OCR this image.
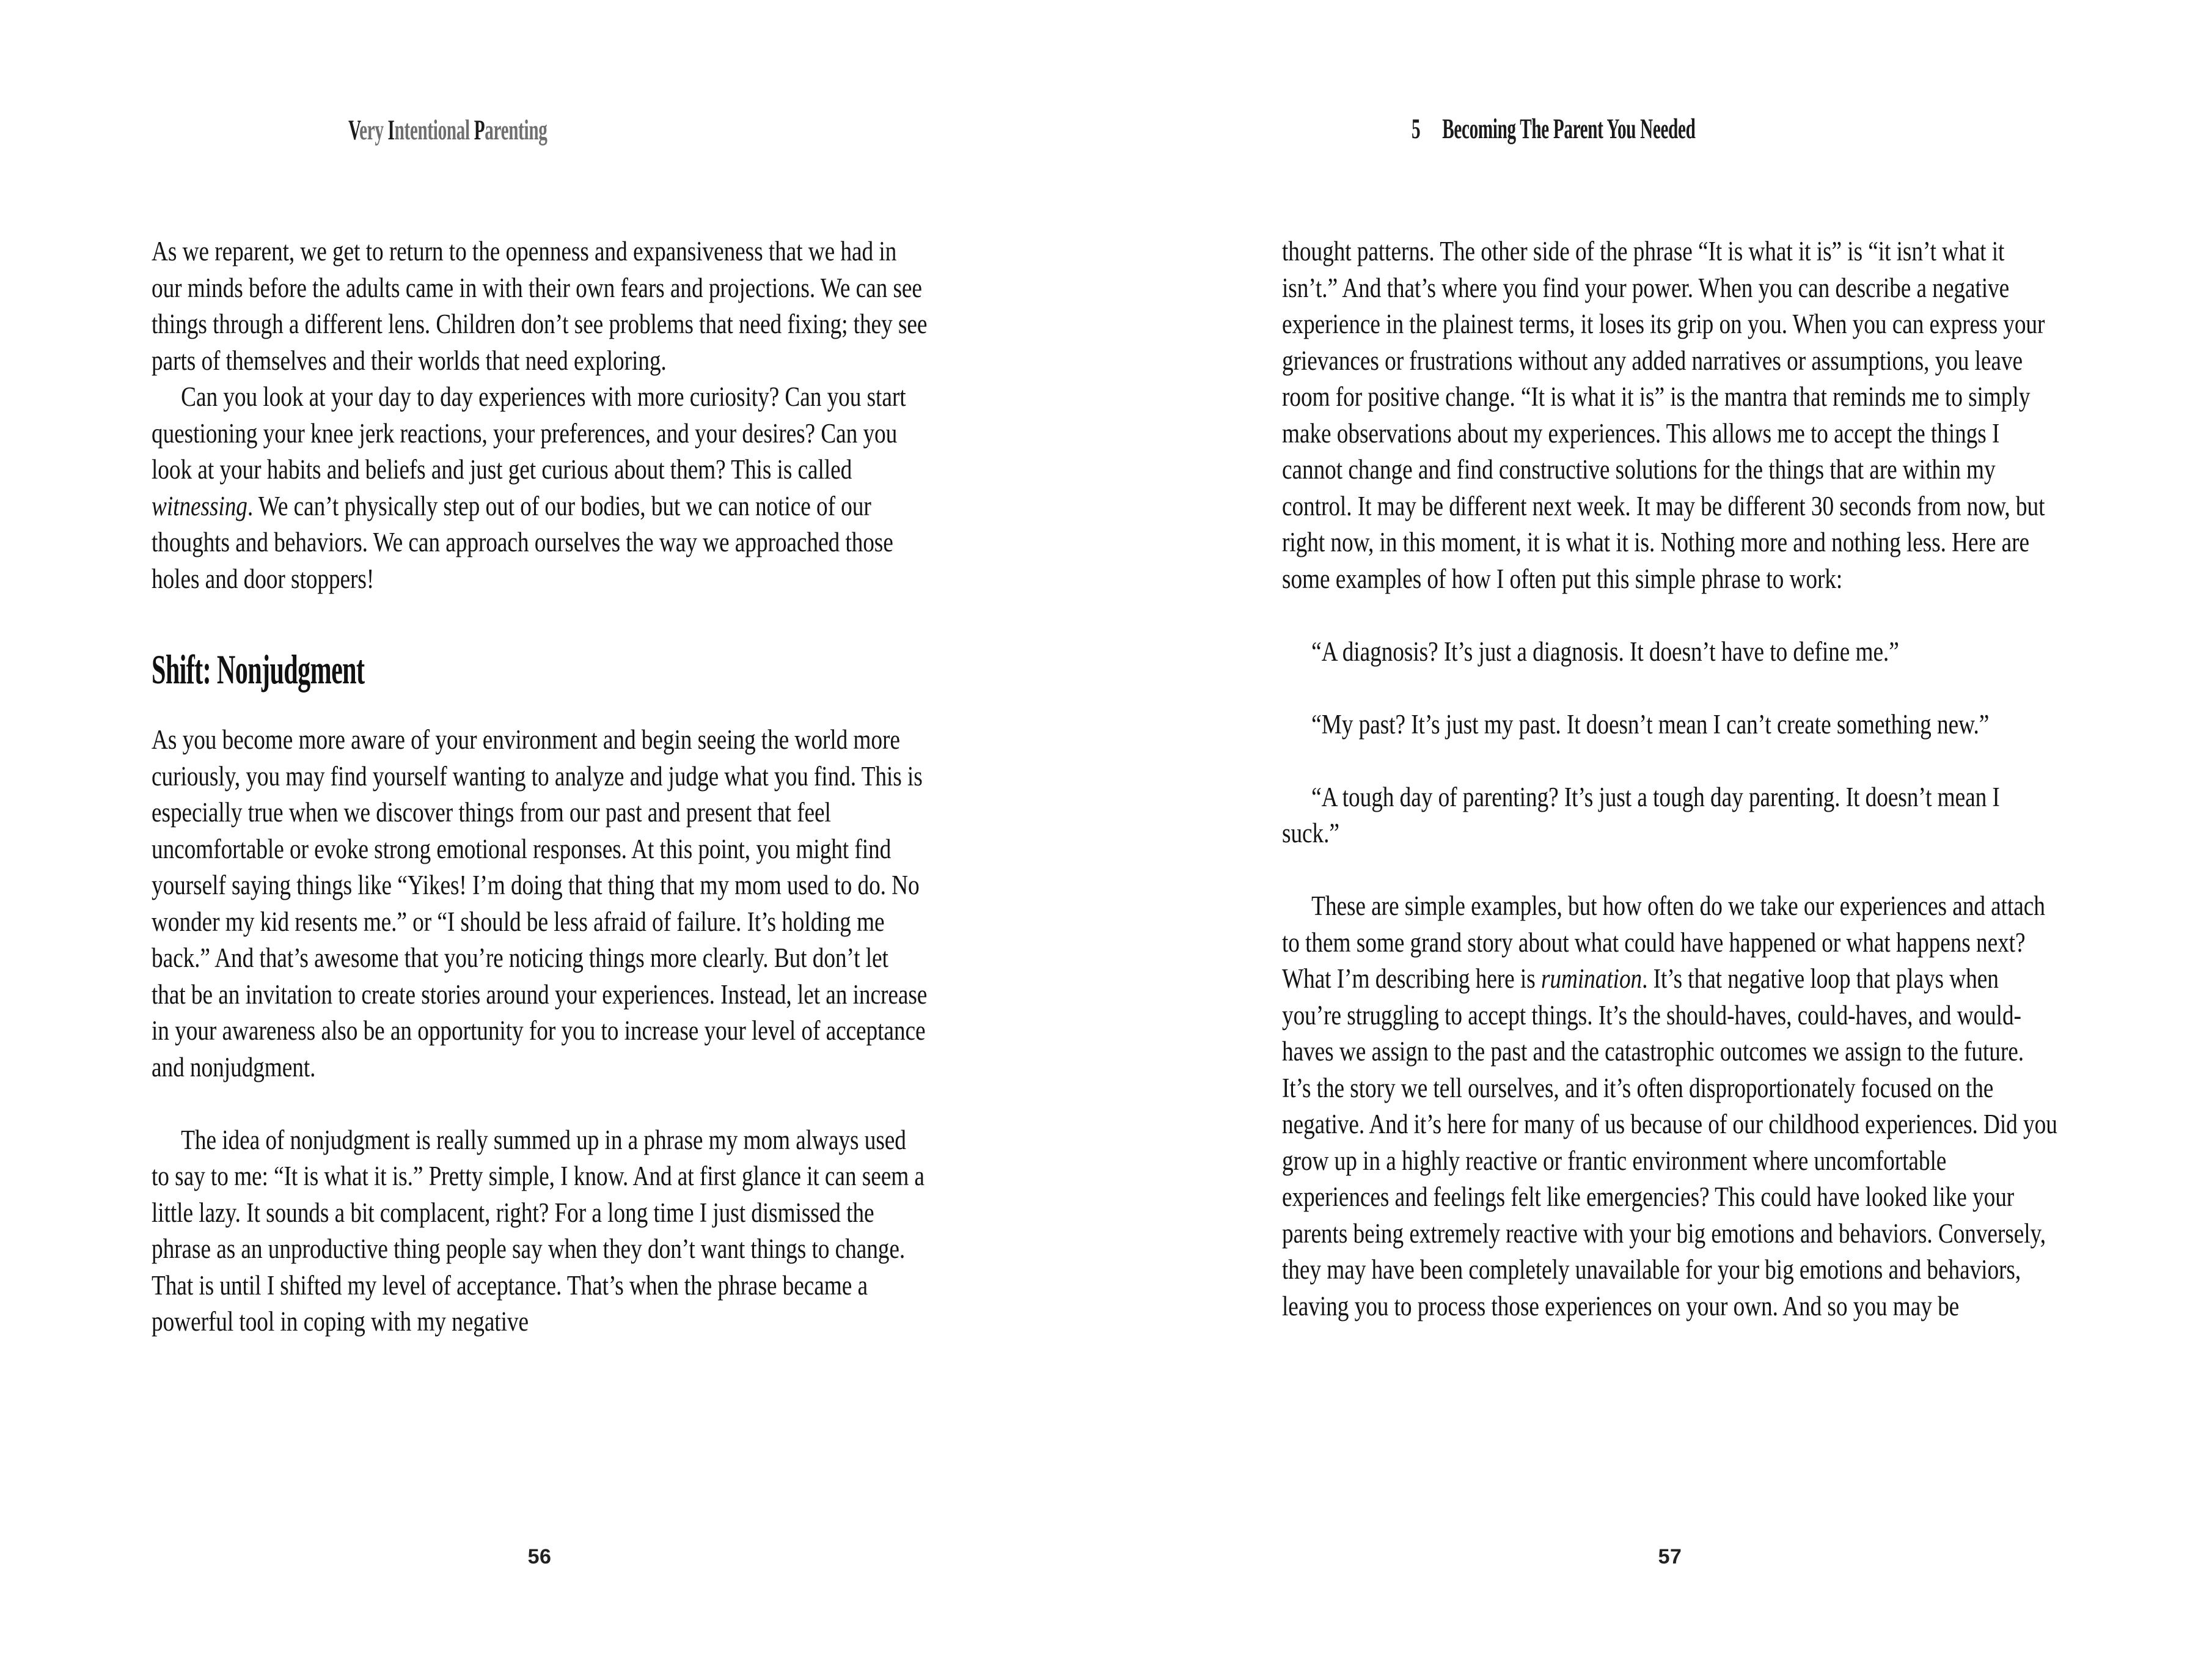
Very Intentional Parenting	5 Becoming The Parent You Needed

As we reparent, we get to return to the openness and expansiveness that we had in our minds before the adults came in with their own fears and projections. We can see things through a different lens. Children don’t see problems that need fixing; they see parts of themselves and their worlds that need exploring.

Can you look at your day to day experiences with more curiosity? Can you start questioning your knee jerk reactions, your preferences, and your desires? Can you look at your habits and beliefs and just get curious about them? This is called witnessing. We can’t physically step out of our bodies, but we can notice of our thoughts and behaviors. We can approach ourselves the way we approached those holes and door stoppers!

Shift: Nonjudgment

As you become more aware of your environment and begin seeing the world more curiously, you may find yourself wanting to analyze and judge what you find. This is especially true when we discover things from our past and present that feel uncomfortable or evoke strong emotional responses. At this point, you might find yourself saying things like “Yikes! I’m doing that thing that my mom used to do. No wonder my kid resents me.” or “I should be less afraid of failure. It’s holding me back.” And that’s awesome that you’re noticing things more clearly. But don’t let that be an invitation to create stories around your experiences. Instead, let an increase in your awareness also be an opportunity for you to increase your level of acceptance and nonjudgment.

The idea of nonjudgment is really summed up in a phrase my mom always used to say to me: “It is what it is.” Pretty simple, I know. And at first glance it can seem a little lazy. It sounds a bit complacent, right? For a long time I just dismissed the phrase as an unproductive thing people say when they don’t want things to change. That is until I shifted my level of acceptance. That’s when the phrase became a powerful tool in coping with my negative

thought patterns. The other side of the phrase “It is what it is” is “it isn’t what it isn’t.” And that’s where you find your power. When you can describe a negative experience in the plainest terms, it loses its grip on you. When you can express your grievances or frustrations without any added narratives or assumptions, you leave room for positive change. “It is what it is” is the mantra that reminds me to simply make observations about my experiences. This allows me to accept the things I cannot change and find constructive solutions for the things that are within my control. It may be different next week. It may be different 30 seconds from now, but right now, in this moment, it is what it is. Nothing more and nothing less. Here are some examples of how I often put this simple phrase to work:

“A diagnosis? It’s just a diagnosis. It doesn’t have to define me.”

“My past? It’s just my past. It doesn’t mean I can’t create something new.”

“A tough day of parenting? It’s just a tough day parenting. It doesn’t mean I suck.”

These are simple examples, but how often do we take our experiences and attach to them some grand story about what could have happened or what happens next? What I’m describing here is rumination. It’s that negative loop that plays when you’re struggling to accept things. It’s the should-haves, could-haves, and would-haves we assign to the past and the catastrophic outcomes we assign to the future. It’s the story we tell ourselves, and it’s often disproportionately focused on the negative. And it’s here for many of us because of our childhood experiences. Did you grow up in a highly reactive or frantic environment where uncomfortable experiences and feelings felt like emergencies? This could have looked like your parents being extremely reactive with your big emotions and behaviors. Conversely, they may have been completely unavailable for your big emotions and behaviors, leaving you to process those experiences on your own. And so you may be

56	57
